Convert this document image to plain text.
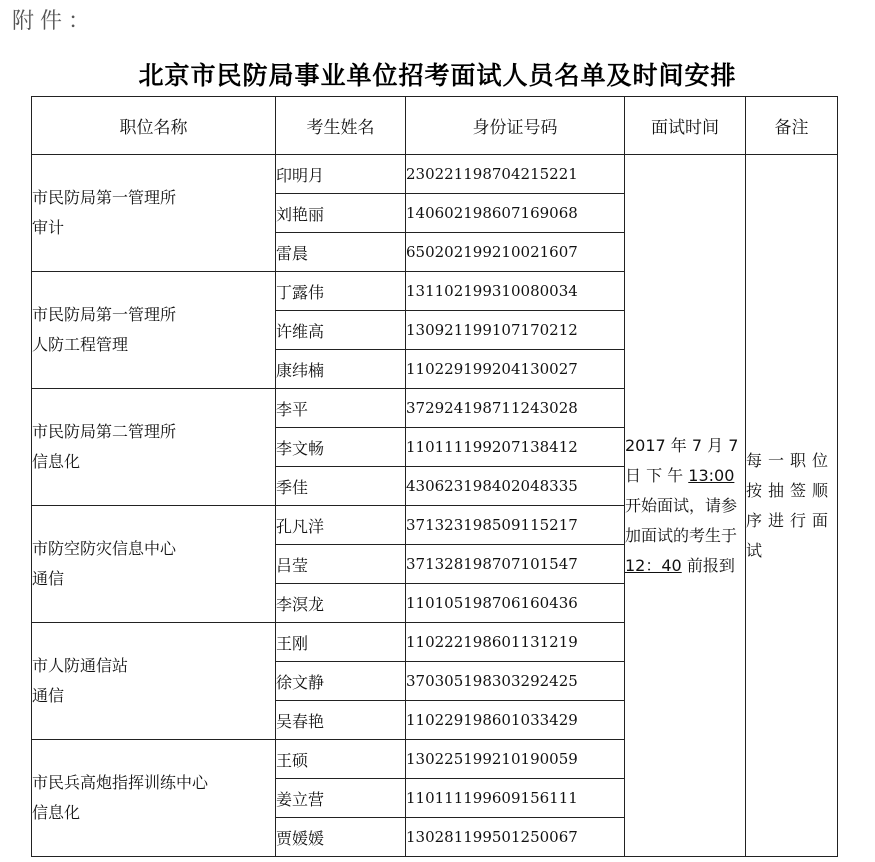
附件：
北京市民防局事业单位招考面试人员名单及时间安排
职位名称	考生姓名	身份证号码	面试时间	备注

市民防局第一管理所
审计	印明月	230221198704215221	2017 年 7 月 7 日 下 午 13:00 开始面试，请参加面试的考生于 12：40 前报到	每一职位按抽签顺序进行面试
	刘艳丽	140602198607169068		
	雷晨	650202199210021607		

市民防局第一管理所
人防工程管理	丁露伟	131102199310080034		
	许维高	130921199107170212		
	康纬楠	110229199204130027		

市民防局第二管理所
信息化	李平	372924198711243028		
	李文畅	110111199207138412		
	季佳	430623198402048335		

市防空防灾信息中心
通信	孔凡洋	371323198509115217		
	吕莹	371328198707101547		
	李溟龙	110105198706160436		

市人防通信站
通信	王刚	110222198601131219		
	徐文静	370305198303292425		
	吴春艳	110229198601033429		

市民兵高炮指挥训练中心
信息化	王硕	130225199210190059		
	姜立营	110111199609156111		
	贾媛媛	130281199501250067		
